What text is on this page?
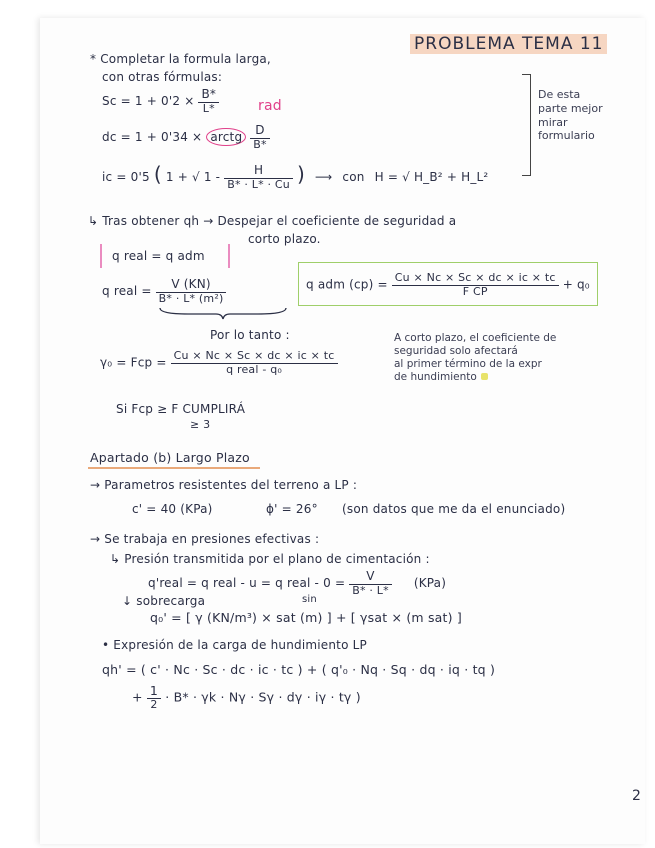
PROBLEMA TEMA 11
* Completar la formula larga,
con otras fórmulas:
$Sc = 1 + 0'2 \times \frac{B*}{L*}$	rad
dc = 1 + 0'34 × arctg $\frac{D}{B*}$
ic = 0'5 ( 1 + √ $1 - \frac{H}{B* \cdot L* \cdot Cu}$ ) ⟶ con H = √ H_B² + H_L²
De esta
parte mejor
mirar
formulario
↳ Tras obtener qh → Despejar el coeficiente de seguridad a
corto plazo.
q real = q adm
q real = $\frac{V (KN)}{\text{B* · L* (m²)}}$	q adm $(cp) = \frac{Cu \times Nc \times Sc \times dc \times ic \times tc}{\text{F CP}} + q_0$
Por lo tanto :
γ₀ = Fcp = $\frac{Cu \times Nc \times Sc \times dc \times ic \times tc}{\text{q real - q₀}}$
A corto plazo, el coeficiente de
seguridad solo afectará
al primer término de la expr
de hundimiento
Si Fcp ≥ F CUMPLIRÁ
≥ 3
Apartado (b) Largo Plazo
→ Parametros resistentes del terreno a LP :
c' = 40 (KPa)	ϕ' = 26° (son datos que me da el enunciado)
→ Se trabaja en presiones efectivas :
↳ Presión transmitida por el plano de cimentación :
q'real = q real - u = q real - $0 = \frac{V}{B* \cdot L*} (KPa)$
↓ sobrecarga	sin
q₀' = [ γ (KN/m³) × sat (m) ] + [ γsat × (m sat) ]
• Expresión de la carga de hundimiento LP
qh' = ( c' · Nc · Sc · dc · ic · tc ) + ( q'₀ · Nq · Sq · dq · iq · tq )
+ $\frac{1}{2} \cdot B* \cdot \gamma k \cdot N\gamma \cdot S\gamma \cdot d\gamma \cdot i\gamma \cdot t\gamma$ )
2
